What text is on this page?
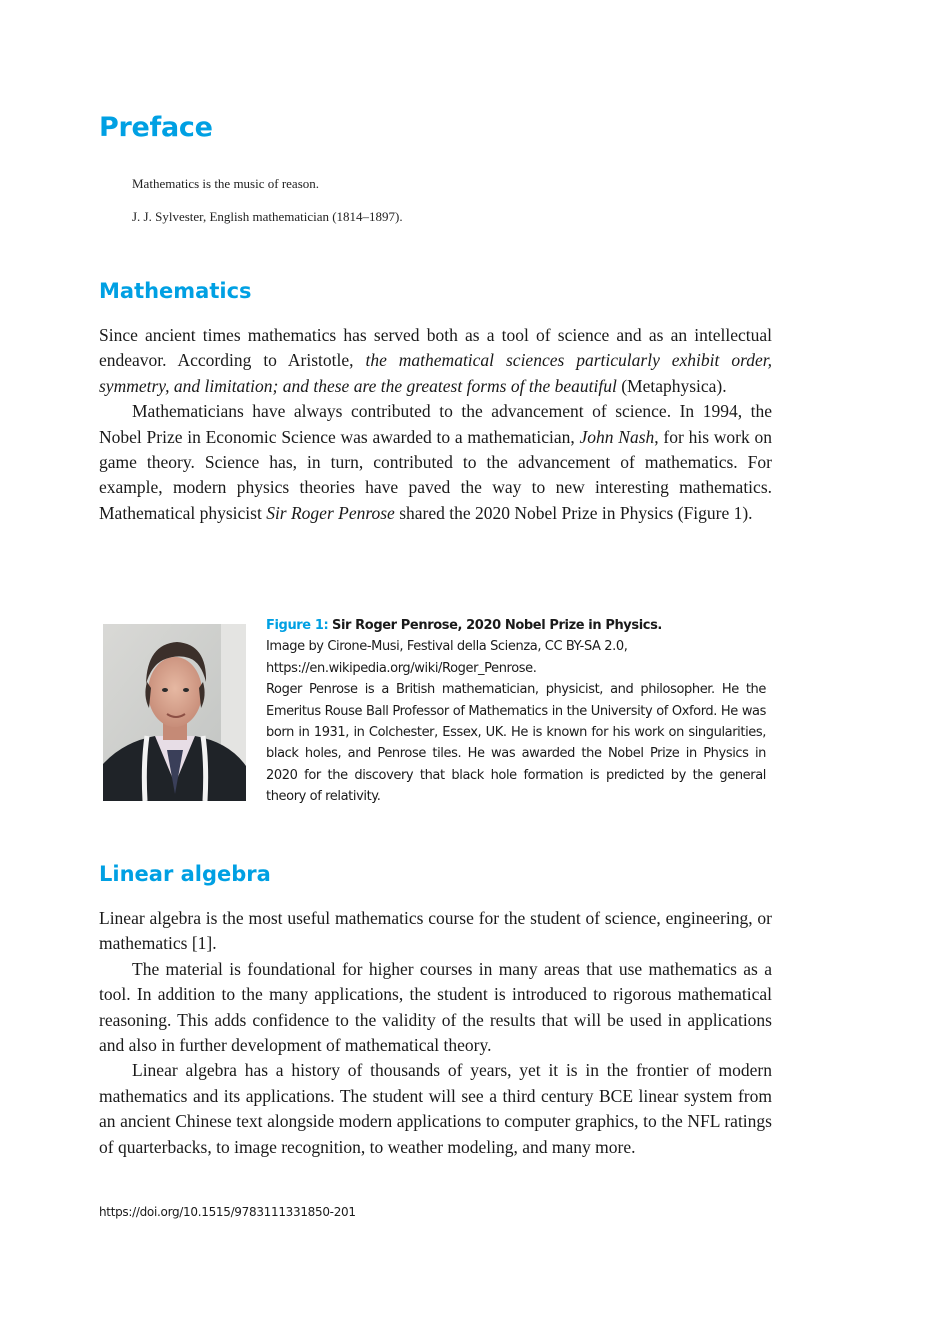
Preface
Mathematics is the music of reason.
J. J. Sylvester, English mathematician (1814–1897).
Mathematics

Since ancient times mathematics has served both as a tool of science and as an intellectual endeavor. According to Aristotle, the mathematical sciences particularly exhibit order, symmetry, and limitation; and these are the greatest forms of the beautiful (Metaphysica).

Mathematicians have always contributed to the advancement of science. In 1994, the Nobel Prize in Economic Science was awarded to a mathematician, John Nash, for his work on game theory. Science has, in turn, contributed to the advancement of mathematics. For example, modern physics theories have paved the way to new interesting mathematics. Mathematical physicist Sir Roger Penrose shared the 2020 Nobel Prize in Physics (Figure 1).

Figure 1: Sir Roger Penrose, 2020 Nobel Prize in Physics.
Image by Cirone-Musi, Festival della Scienza, CC BY-SA 2.0,
https://en.wikipedia.org/wiki/Roger_Penrose.
Roger Penrose is a British mathematician, physicist, and philosopher. He the Emeritus Rouse Ball Professor of Mathematics in the University of Oxford. He was born in 1931, in Colchester, Essex, UK. He is known for his work on singularities, black holes, and Penrose tiles. He was awarded the Nobel Prize in Physics in 2020 for the discovery that black hole formation is predicted by the general theory of relativity.
Linear algebra

Linear algebra is the most useful mathematics course for the student of science, engineering, or mathematics [1].

The material is foundational for higher courses in many areas that use mathematics as a tool. In addition to the many applications, the student is introduced to rigorous mathematical reasoning. This adds confidence to the validity of the results that will be used in applications and also in further development of mathematical theory.

Linear algebra has a history of thousands of years, yet it is in the frontier of modern mathematics and its applications. The student will see a third century BCE linear system from an ancient Chinese text alongside modern applications to computer graphics, to the NFL ratings of quarterbacks, to image recognition, to weather modeling, and many more.

https://doi.org/10.1515/9783111331850-201
